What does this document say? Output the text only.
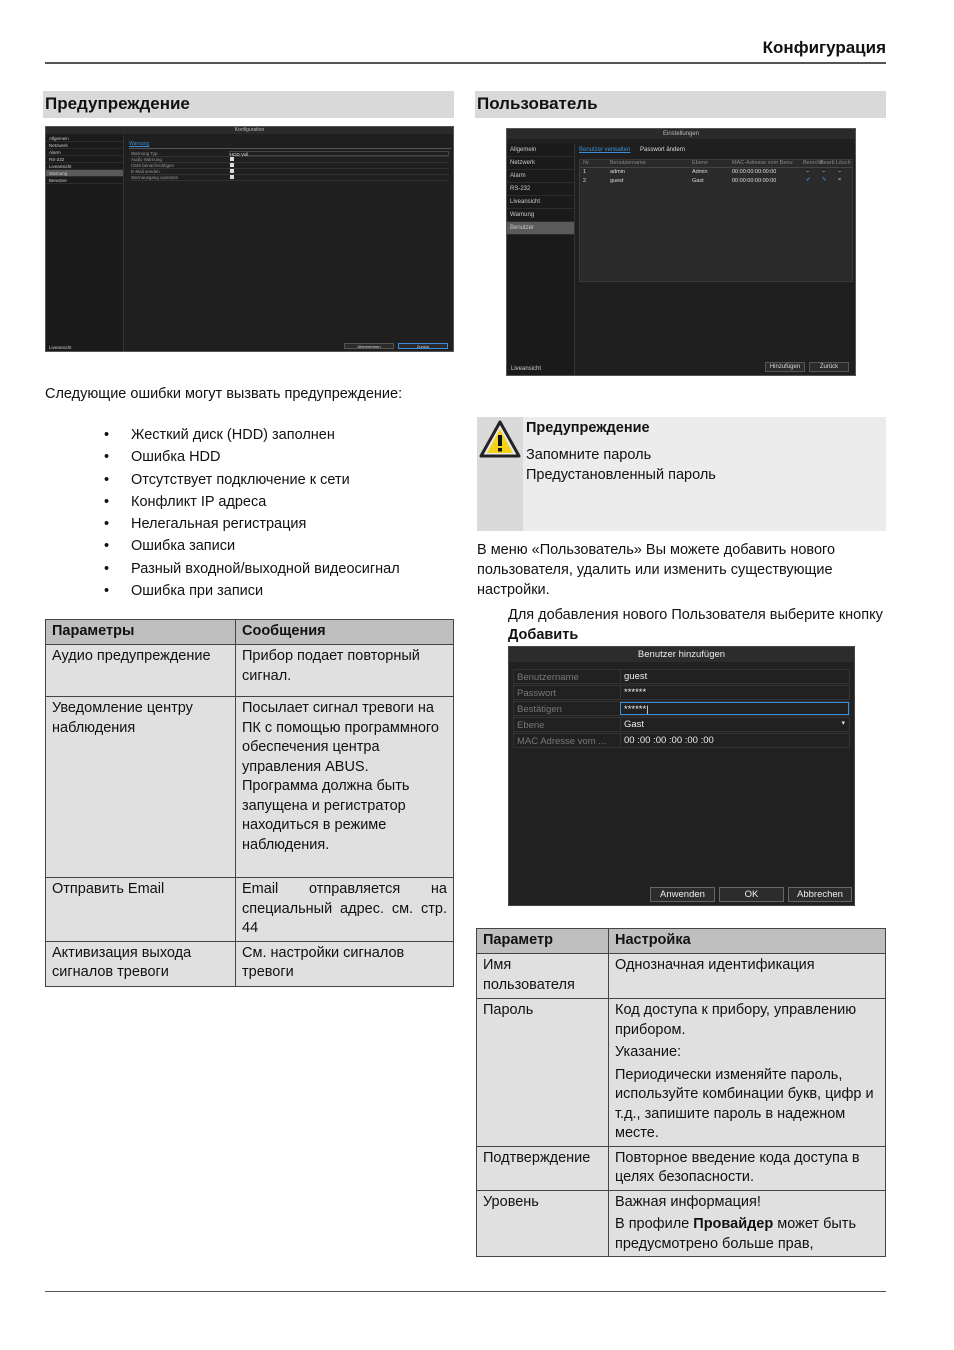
Конфигурация
Предупреждение
Konfiguration
Allgemein
Netzwerk
Alarm
RS-232
Liveansicht
Warnung
Benutzer
Warnung
Warnung Typ	HDD Voll
Audio Warnung
CMS benachrichtigen
E-Mail senden
Warnausgang auslösen
Liveansicht	Übernehmen	Zurück
Следующие ошибки могут вызвать предупреждение:
• Жесткий диск (HDD) заполнен
• Ошибка HDD
• Отсутствует подключение к сети
• Конфликт IP адреса
• Нелегальная регистрация
• Ошибка записи
• Разный входной/выходной видеосигнал
• Ошибка при записи
Параметры	Сообщения
Аудио предупреждение	Прибор подает повторный сигнал.
Уведомление центру наблюдения	Посылает сигнал тревоги на ПК с помощью программного обеспечения центра управления ABUS. Программа должна быть запущена и регистратор находиться в режиме наблюдения.
Отправить Email	Email отправляется на специальный адрес. см. стр. 44
Активизация выхода сигналов тревоги	См. настройки сигналов тревоги
Пользователь
Einstellungen
Allgemein
Netzwerk
Alarm
RS-232
Liveansicht
Warnung
Benutzer
Benutzer verwalten Passwort ändern
Nr.	Benutzername	Ebene	MAC-Adresse vom Benu Berechti
Bearb Lösch
1	admin	Admin	00:00:00:00:00:00	– – –
2	guest	Gast	00:00:00:00:00:00	✔ ✎ ×
Liveansicht	Hinzufügen	Zurück
Предупреждение
Запомните пароль
Предустановленный пароль
В меню «Пользователь» Вы можете добавить нового пользователя, удалить или изменить существующие настройки.
Для добавления нового Пользователя выберите кнопку Добавить
Benutzer hinzufügen
Benutzername	guest
Passwort	******
Bestätigen	******|
Ebene	Gast	▾
MAC Adresse vom ...	00 :00 :00 :00 :00 :00
Anwenden	OK	Abbrechen
Параметр	Настройка
Имя пользователя	Однозначная идентификация
Пароль	Код доступа к прибору, управлению прибором.
Указание:
Периодически изменяйте пароль, используйте комбинации букв, цифр и т.д., запишите пароль в надежном месте.

Подтверждение	Повторное введение кода доступа в целях безопасности.
Уровень	Важная информация!
В профиле Провайдер может быть предусмотрено больше прав,
